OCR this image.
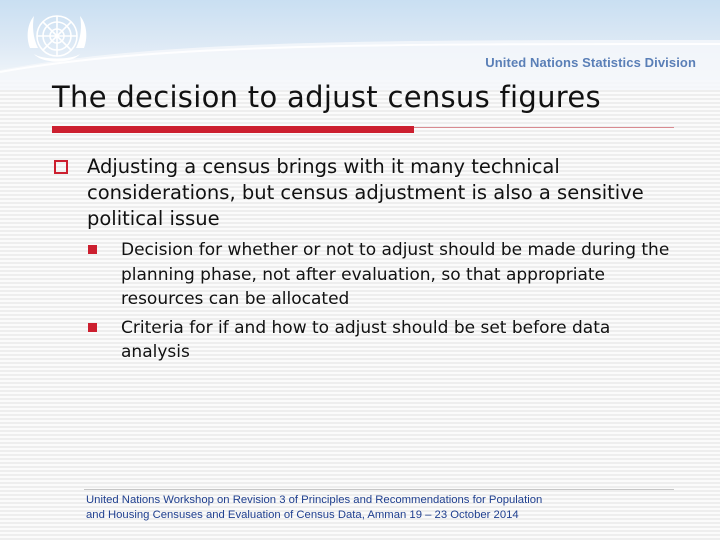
United Nations Statistics Division
The decision to adjust census figures
Adjusting a census brings with it many technical considerations, but census adjustment is also a sensitive political issue
Decision for whether or not to adjust should be made during the planning phase, not after evaluation, so that appropriate resources can be allocated
Criteria for if and how to adjust should be set before data analysis
United Nations Workshop on Revision 3 of Principles and Recommendations for Population
and Housing Censuses and Evaluation of Census Data, Amman 19 – 23 October 2014
